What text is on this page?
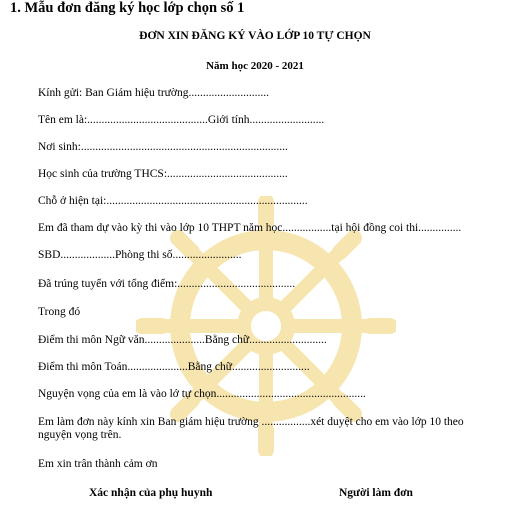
1. Mẫu đơn đăng ký học lớp chọn số 1
ĐƠN XIN ĐĂNG KÝ VÀO LỚP 10 TỰ CHỌN
Năm học 2020 - 2021
Kính gửi: Ban Giám hiệu trường............................
Tên em là:..........................................Giới tính..........................
Nơi sinh:........................................................................
Học sinh của trường THCS:..........................................
Chỗ ở hiện tại:......................................................................
Em đã tham dự vào kỳ thi vào lớp 10 THPT năm học.................tại hội đồng coi thi...............
SBD...................Phòng thi số........................
Đã trúng tuyển với tổng điểm:.........................................
Trong đó
Điểm thi môn Ngữ văn.....................Bằng chữ...........................
Điểm thi môn Toán.....................Bằng chữ...........................
Nguyện vọng của em là vào lớ tự chọn....................................................
Em làm đơn này kính xin Ban giám hiệu trường .................xét duyệt cho em vào lớp 10 theo nguyện vọng trên.
Em xin trân thành cảm ơn
Xác nhận của phụ huynh	Người làm đơn
